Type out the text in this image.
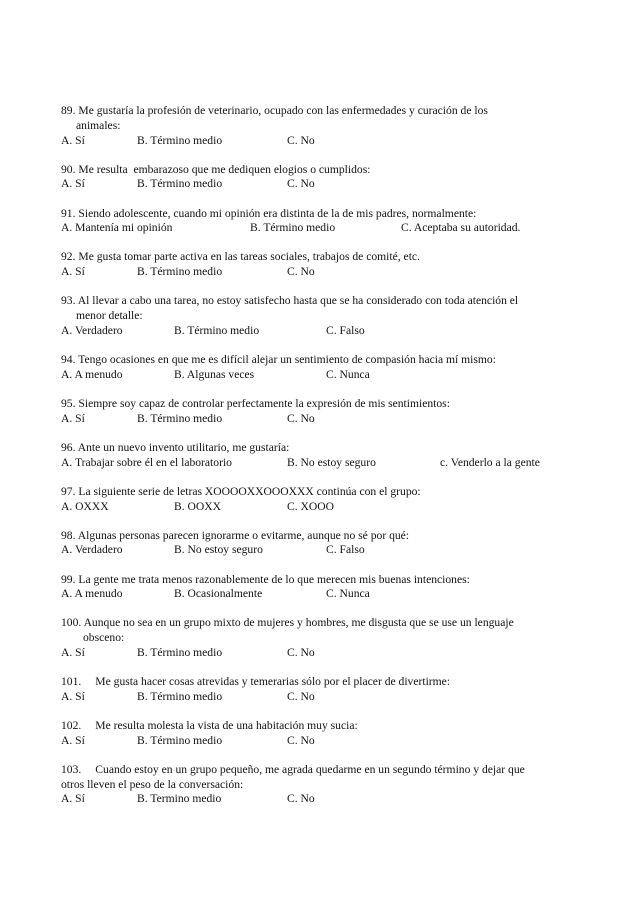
89. Me gustaría la profesión de veterinario, ocupado con las enfermedades y curación de los
animales:
A. Sí	B. Término medio	C. No
90. Me resulta  embarazoso que me dediquen elogios o cumplidos:
A. Sí	B. Término medio	C. No
91. Siendo adolescente, cuando mi opinión era distinta de la de mis padres, normalmente:
A. Mantenía mi opinión	B. Término medio	C. Aceptaba su autoridad.
92. Me gusta tomar parte activa en las tareas sociales, trabajos de comité, etc.
A. Sí	B. Término medio	C. No
93. Al llevar a cabo una tarea, no estoy satisfecho hasta que se ha considerado con toda atención el
menor detalle:
A. Verdadero	B. Término medio	C. Falso
94. Tengo ocasiones en que me es difícil alejar un sentimiento de compasión hacia mí mismo:
A. A menudo	B. Algunas veces	C. Nunca
95. Siempre soy capaz de controlar perfectamente la expresión de mis sentimientos:
A. Sí	B. Término medio	C. No
96. Ante un nuevo invento utilitario, me gustaría:
A. Trabajar sobre él en el laboratorio	B. No estoy seguro	c. Venderlo a la gente
97. La siguiente serie de letras XOOOOXXOOOXXX continúa con el grupo:
A. OXXX	B. OOXX	C. XOOO
98. Algunas personas parecen ignorarme o evitarme, aunque no sé por qué:
A. Verdadero	B. No estoy seguro	C. Falso
99. La gente me trata menos razonablemente de lo que merecen mis buenas intenciones:
A. A menudo	B. Ocasionalmente	C. Nunca
100. Aunque no sea en un grupo mixto de mujeres y hombres, me disgusta que se use un lenguaje
obsceno:
A. Sí	B. Término medio	C. No
101. Me gusta hacer cosas atrevidas y temerarias sólo por el placer de divertirme:
A. Sí	B. Término medio	C. No
102. Me resulta molesta la vista de una habitación muy sucia:
A. Sí	B. Término medio	C. No
103. Cuando estoy en un grupo pequeño, me agrada quedarme en un segundo término y dejar que
otros lleven el peso de la conversación:
A. Sí	B. Termino medio	C. No
